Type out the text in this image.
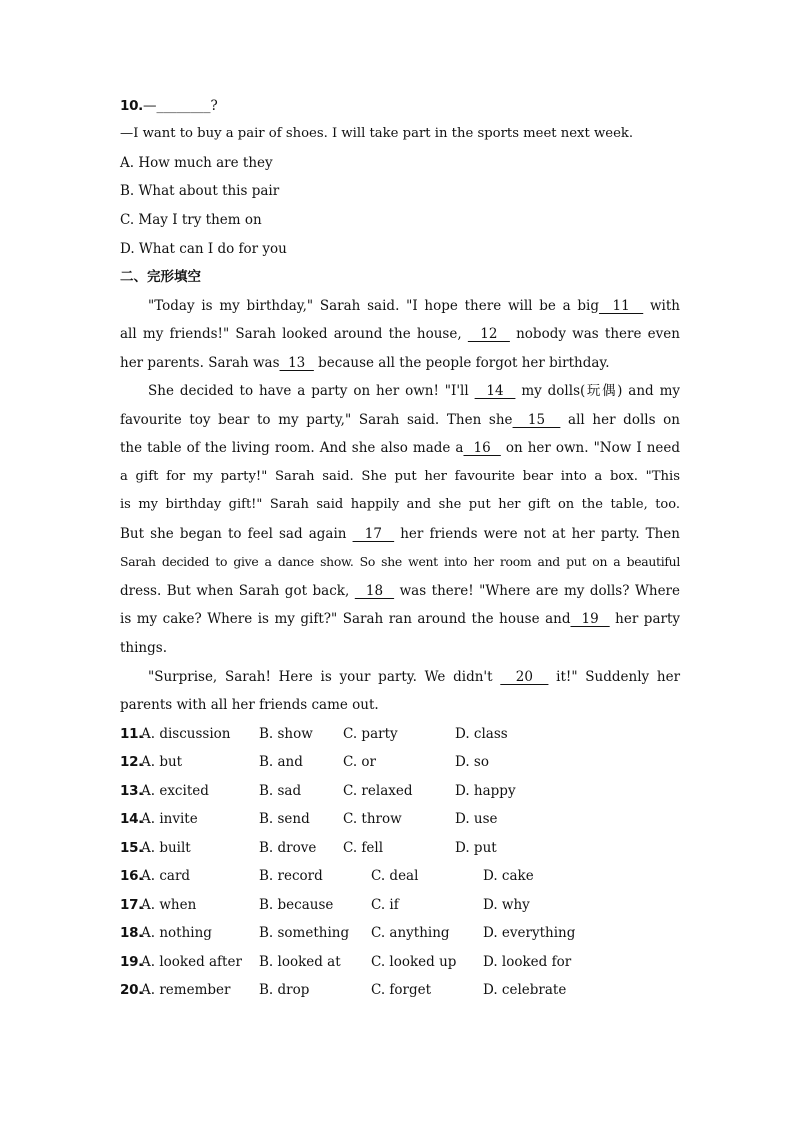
10.—________?
—I want to buy a pair of shoes. I will take part in the sports meet next week.
A. How much are they
B. What about this pair
C. May I try them on
D. What can I do for you
二、完形填空
"Today is my birthday," Sarah said. "I hope there will be a big  11   with
all my friends!" Sarah looked around the house,   12   nobody was there even
her parents. Sarah was  13   because all the people forgot her birthday.
She decided to have a party on her own! "I'll   14   my dolls(玩偶) and my
favourite toy bear to my party," Sarah said. Then she  15   all her dolls on
the table of the living room. And she also made a  16   on her own. "Now I need
a gift for my party!" Sarah said. She put her favourite bear into a box. "This
is my birthday gift!" Sarah said happily and she put her gift on the table, too.
But she began to feel sad again   17   her friends were not at her party. Then
Sarah decided to give a dance show. So she went into her room and put on a beautiful
dress. But when Sarah got back,   18   was there! "Where are my dolls? Where
is my cake? Where is my gift?" Sarah ran around the house and  19   her party
things.
"Surprise, Sarah! Here is your party. We didn't   20   it!" Suddenly her
parents with all her friends came out.
11.
A. discussion B. show C. party	D. class
12.
A. but	B. and	C. or	D. so
13.
A. excited	B. sad	C. relaxed	D. happy
14.
A. invite	B. send C. throw	D. use
15.
A. built	B. drove C. fell	D. put
16.
A. card	B. record	C. deal	D. cake
17.
A. when	B. because	C. if	D. why
18.
A. nothing	B. something C. anything D. everything
19.
A. looked after B. looked at C. looked up D. looked for
20.
A. remember B. drop	C. forget	D. celebrate
